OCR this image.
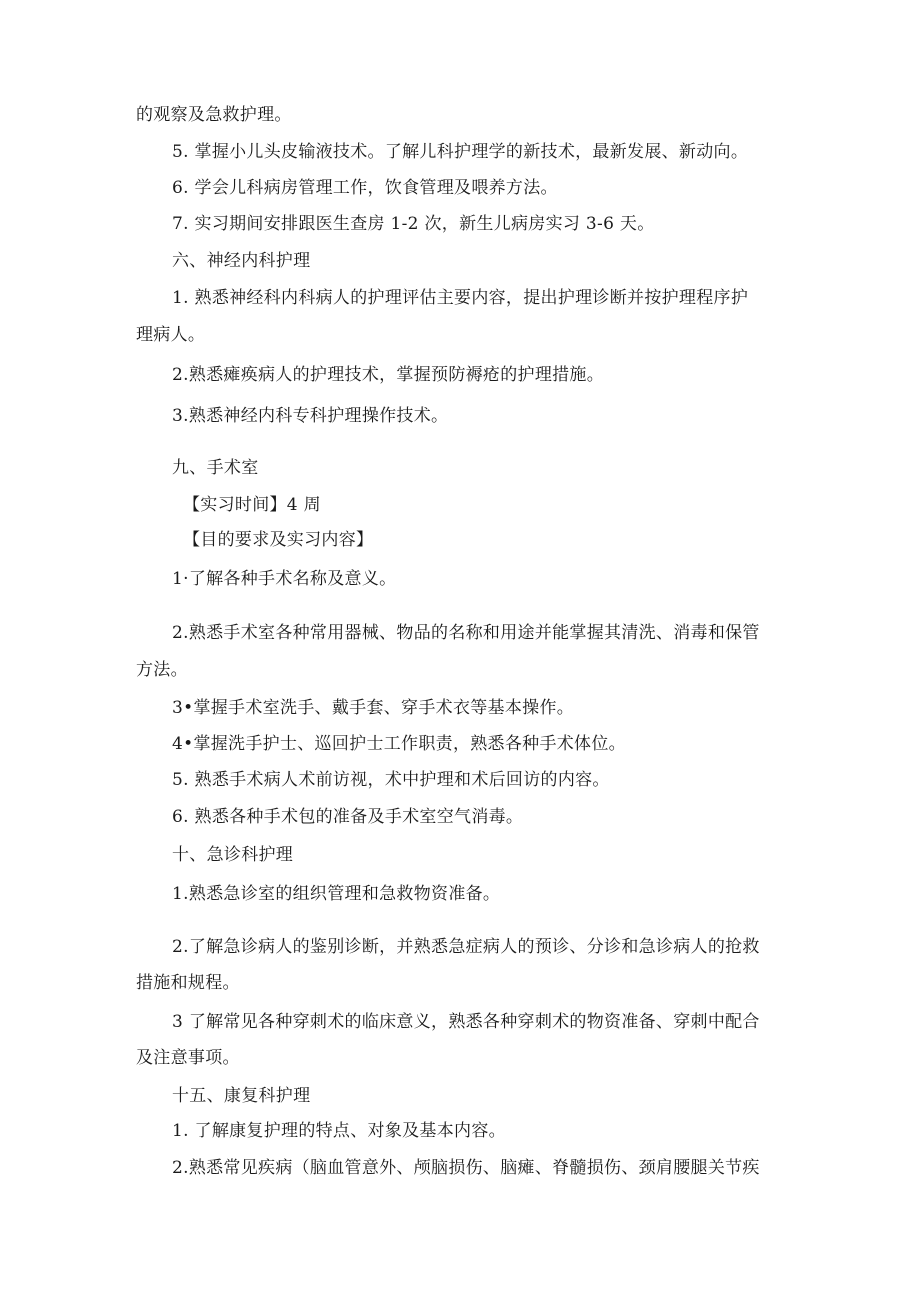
的观察及急救护理。
5. 掌握小儿头皮输液技术。了解儿科护理学的新技术，最新发展、新动向。
6. 学会儿科病房管理工作，饮食管理及喂养方法。
7. 实习期间安排跟医生查房 1-2 次，新生儿病房实习 3-6 天。
六、神经内科护理
1. 熟悉神经科内科病人的护理评估主要内容，提出护理诊断并按护理程序护
理病人。
2.熟悉瘫痪病人的护理技术，掌握预防褥疮的护理措施。
3.熟悉神经内科专科护理操作技术。
九、手术室
【实习时间】4 周
【目的要求及实习内容】
1·了解各种手术名称及意义。
2.熟悉手术室各种常用器械、物品的名称和用途并能掌握其清洗、消毒和保管
方法。
3•掌握手术室洗手、戴手套、穿手术衣等基本操作。
4•掌握洗手护士、巡回护士工作职责，熟悉各种手术体位。
5. 熟悉手术病人术前访视，术中护理和术后回访的内容。
6. 熟悉各种手术包的准备及手术室空气消毒。
十、急诊科护理
1.熟悉急诊室的组织管理和急救物资准备。
2.了解急诊病人的鉴别诊断，并熟悉急症病人的预诊、分诊和急诊病人的抢救
措施和规程。
3 了解常见各种穿刺术的临床意义，熟悉各种穿刺术的物资准备、穿刺中配合
及注意事项。
十五、康复科护理
1. 了解康复护理的特点、对象及基本内容。
2.熟悉常见疾病（脑血管意外、颅脑损伤、脑瘫、脊髓损伤、颈肩腰腿关节疾
